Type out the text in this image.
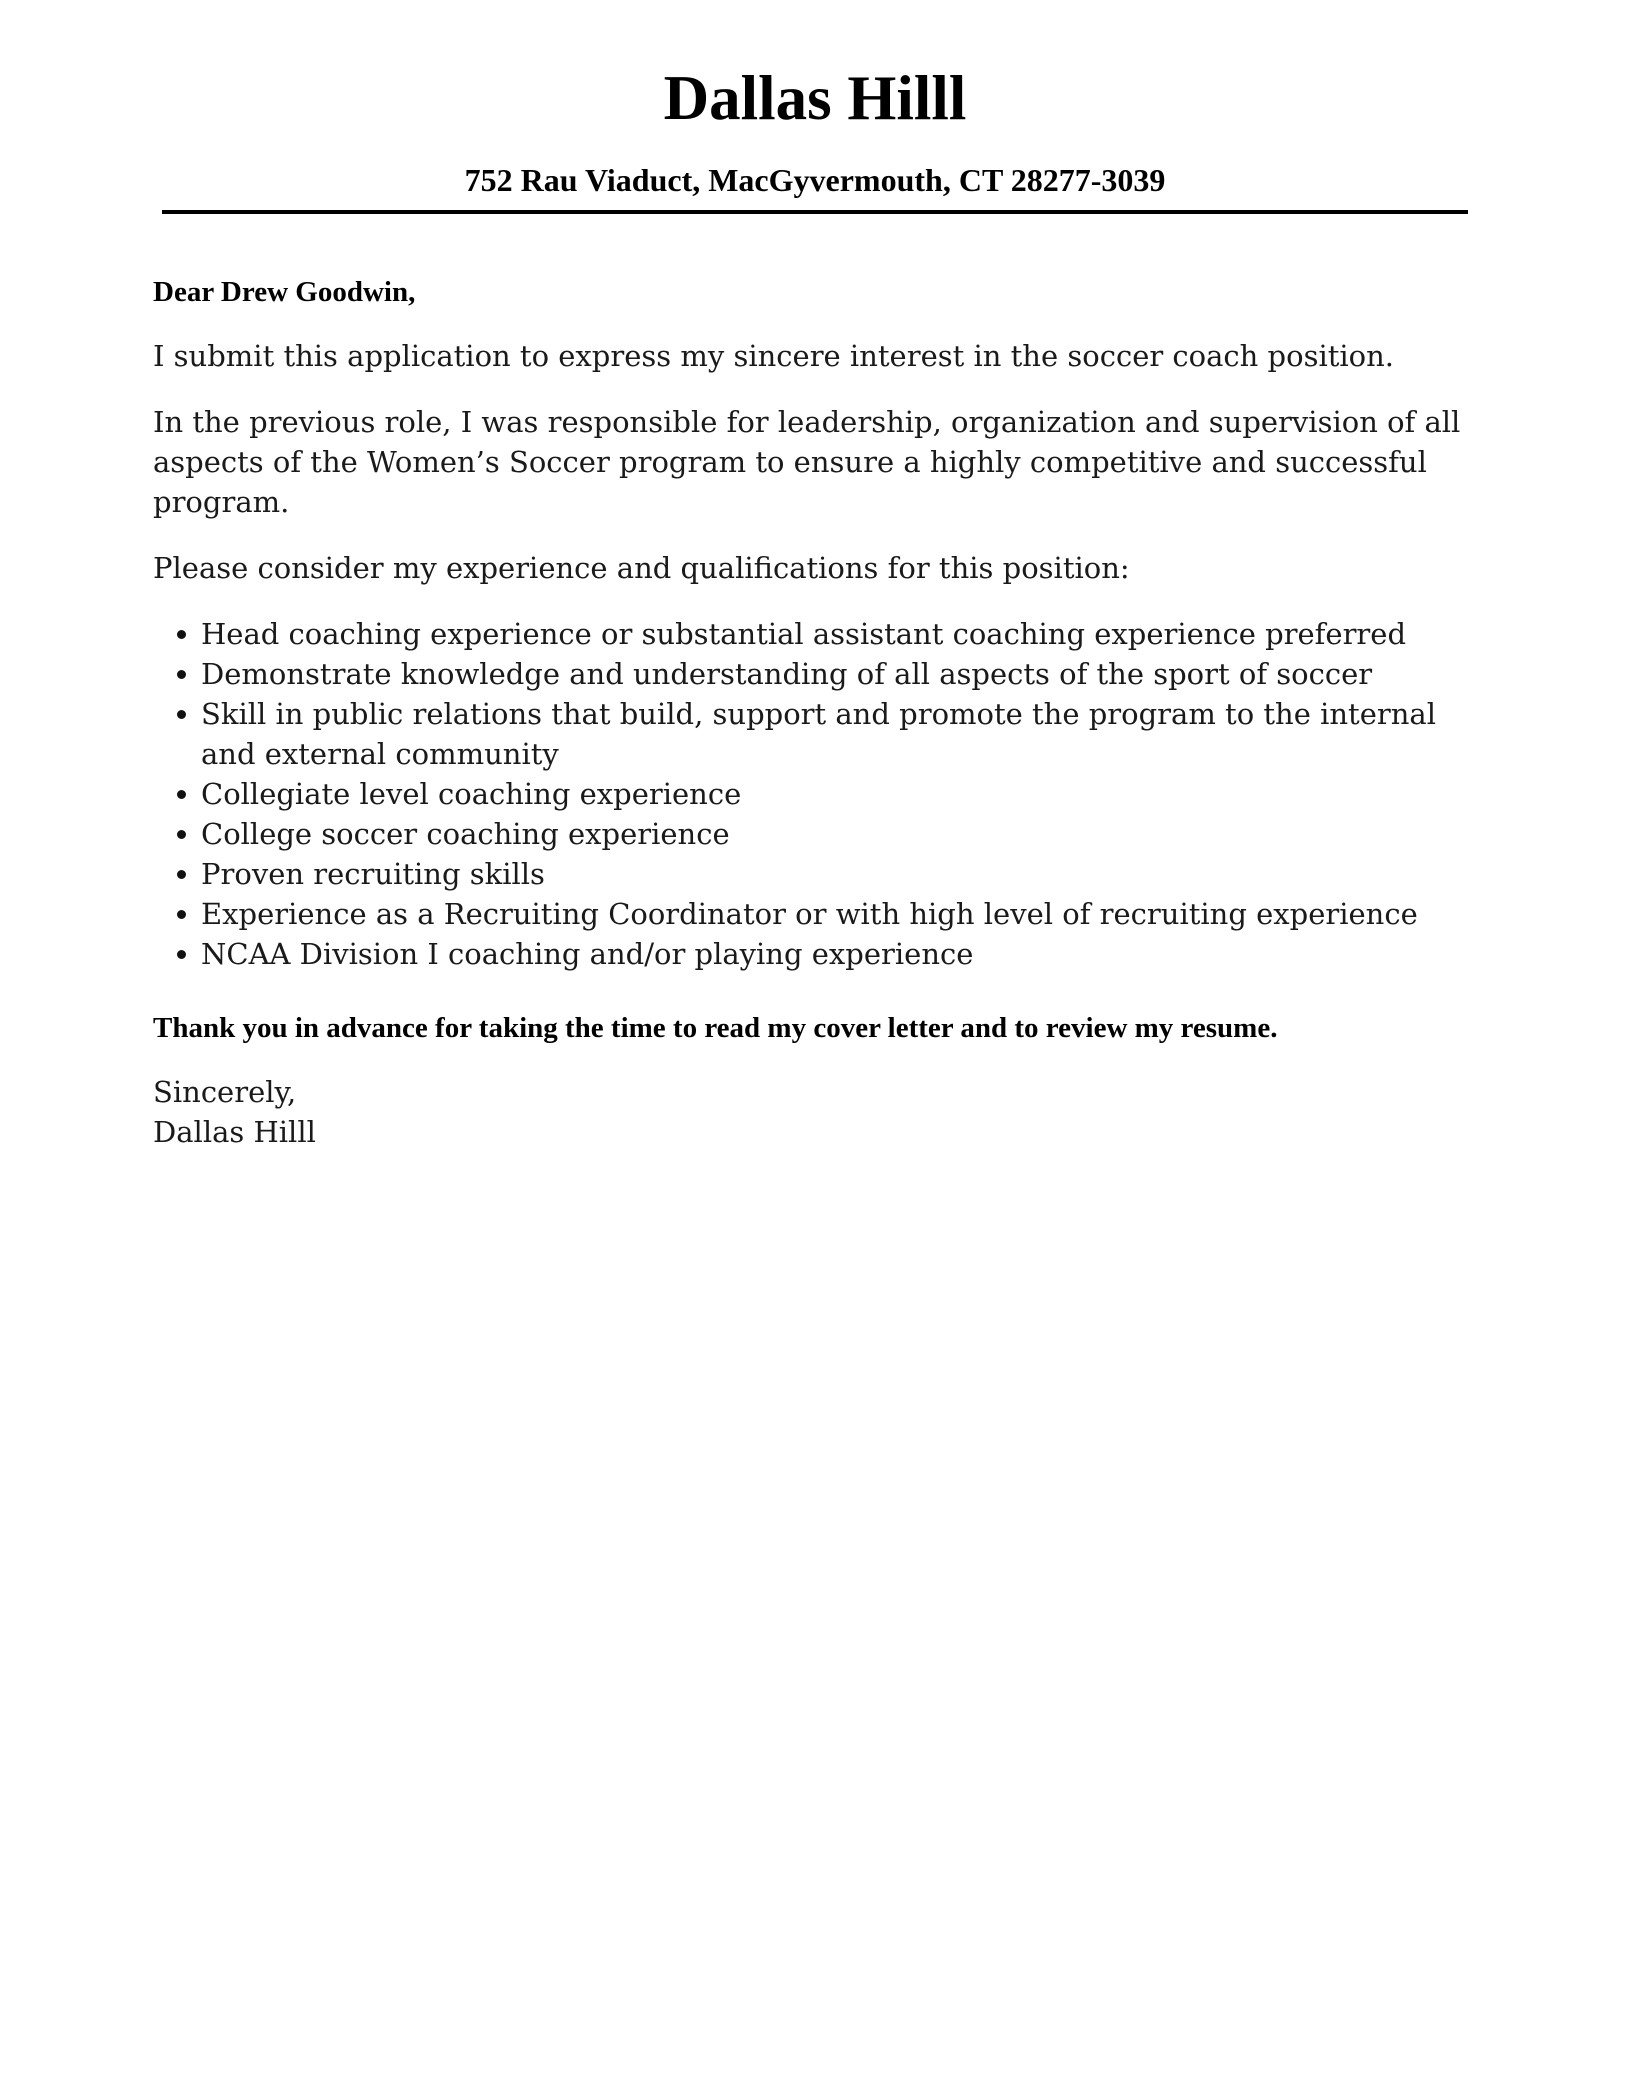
Dallas Hilll
752 Rau Viaduct, MacGyvermouth, CT 28277-3039

Dear Drew Goodwin,

I submit this application to express my sincere interest in the soccer coach position.

In the previous role, I was responsible for leadership, organization and supervision of all aspects of the Women’s Soccer program to ensure a highly competitive and successful program.

Please consider my experience and qualifications for this position:

Head coaching experience or substantial assistant coaching experience preferred
Demonstrate knowledge and understanding of all aspects of the sport of soccer
Skill in public relations that build, support and promote the program to the internal and external community
Collegiate level coaching experience
College soccer coaching experience
Proven recruiting skills
Experience as a Recruiting Coordinator or with high level of recruiting experience
NCAA Division I coaching and/or playing experience

Thank you in advance for taking the time to read my cover letter and to review my resume.

Sincerely,

Dallas Hilll
